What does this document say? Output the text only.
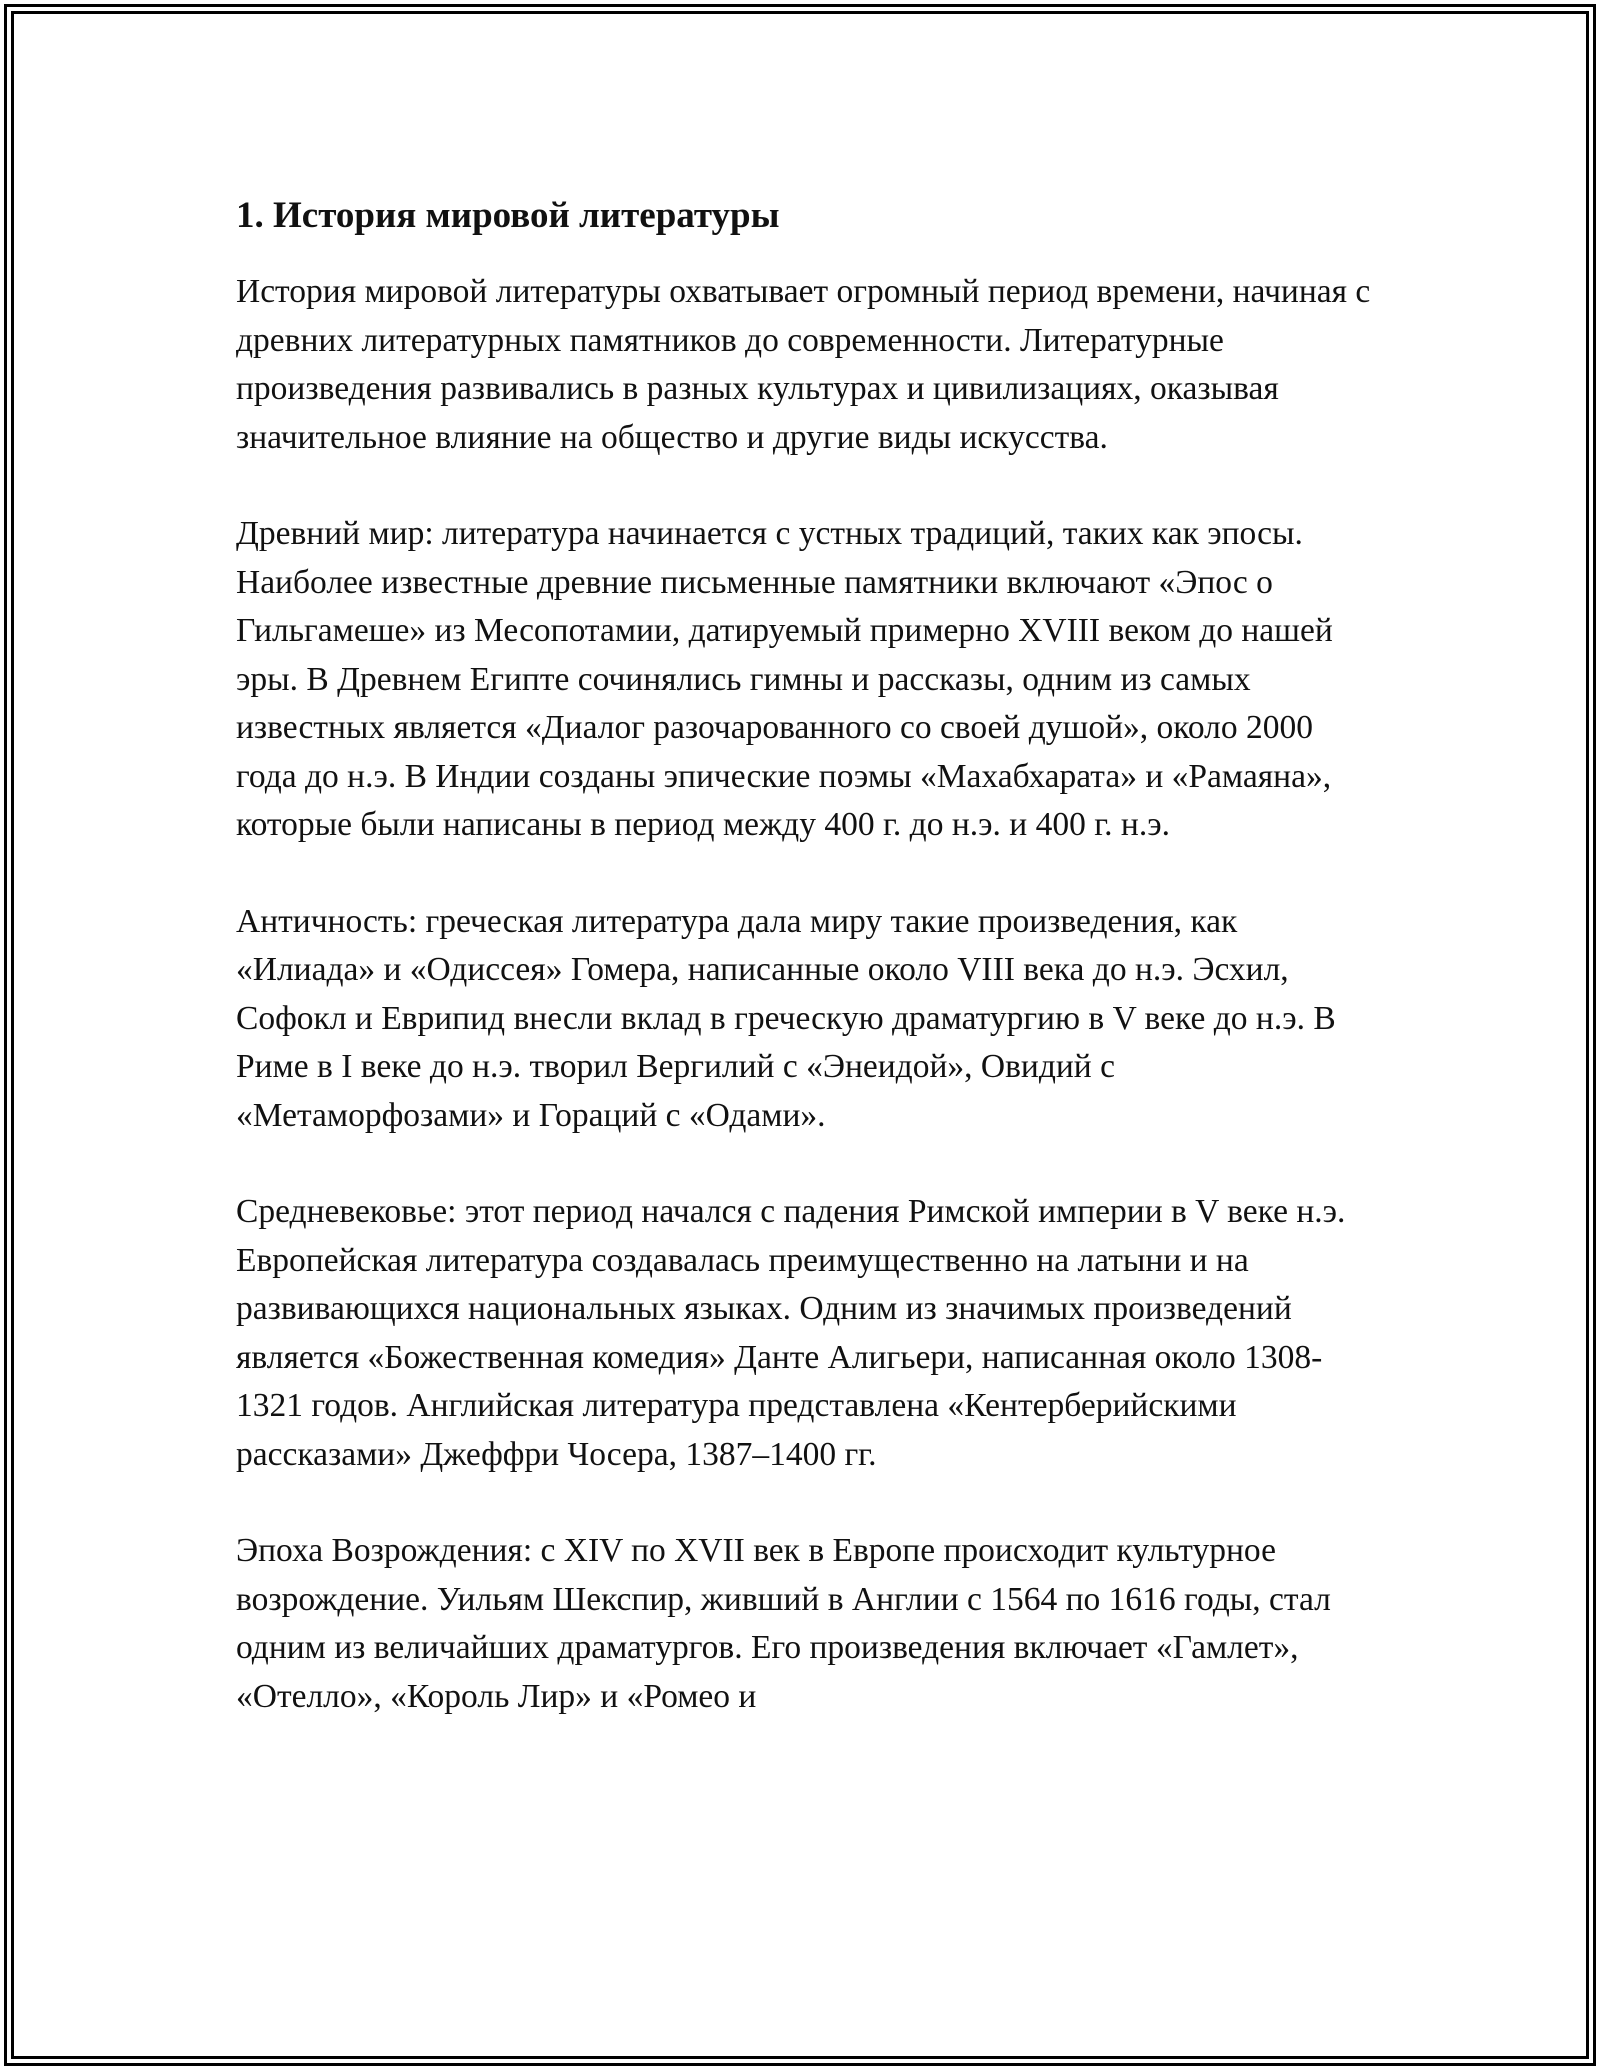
1. История мировой литературы

История мировой литературы охватывает огромный период времени, начиная с древних литературных памятников до современности. Литературные произведения развивались в разных культурах и цивилизациях, оказывая значительное влияние на общество и другие виды искусства.

Древний мир: литература начинается с устных традиций, таких как эпосы. Наиболее известные древние письменные памятники включают «Эпос о Гильгамеше» из Месопотамии, датируемый примерно XVIII веком до нашей эры. В Древнем Египте сочинялись гимны и рассказы, одним из самых известных является «Диалог разочарованного со своей душой», около 2000 года до н.э. В Индии созданы эпические поэмы «Махабхарата» и «Рамаяна», которые были написаны в период между 400 г. до н.э. и 400 г. н.э.

Античность: греческая литература дала миру такие произведения, как «Илиада» и «Одиссея» Гомера, написанные около VIII века до н.э. Эсхил, Софокл и Еврипид внесли вклад в греческую драматургию в V веке до н.э. В Риме в I веке до н.э. творил Вергилий с «Энеидой», Овидий с «Метаморфозами» и Гораций с «Одами».

Средневековье: этот период начался с падения Римской империи в V веке н.э. Европейская литература создавалась преимущественно на латыни и на развивающихся национальных языках. Одним из значимых произведений является «Божественная комедия» Данте Алигьери, написанная около 1308-1321 годов. Английская литература представлена «Кентерберийскими рассказами» Джеффри Чосера, 1387–1400 гг.

Эпоха Возрождения: с XIV по XVII век в Европе происходит культурное возрождение. Уильям Шекспир, живший в Англии с 1564 по 1616 годы, стал одним из величайших драматургов. Его произведения включает «Гамлет», «Отелло», «Король Лир» и «Ромео и
